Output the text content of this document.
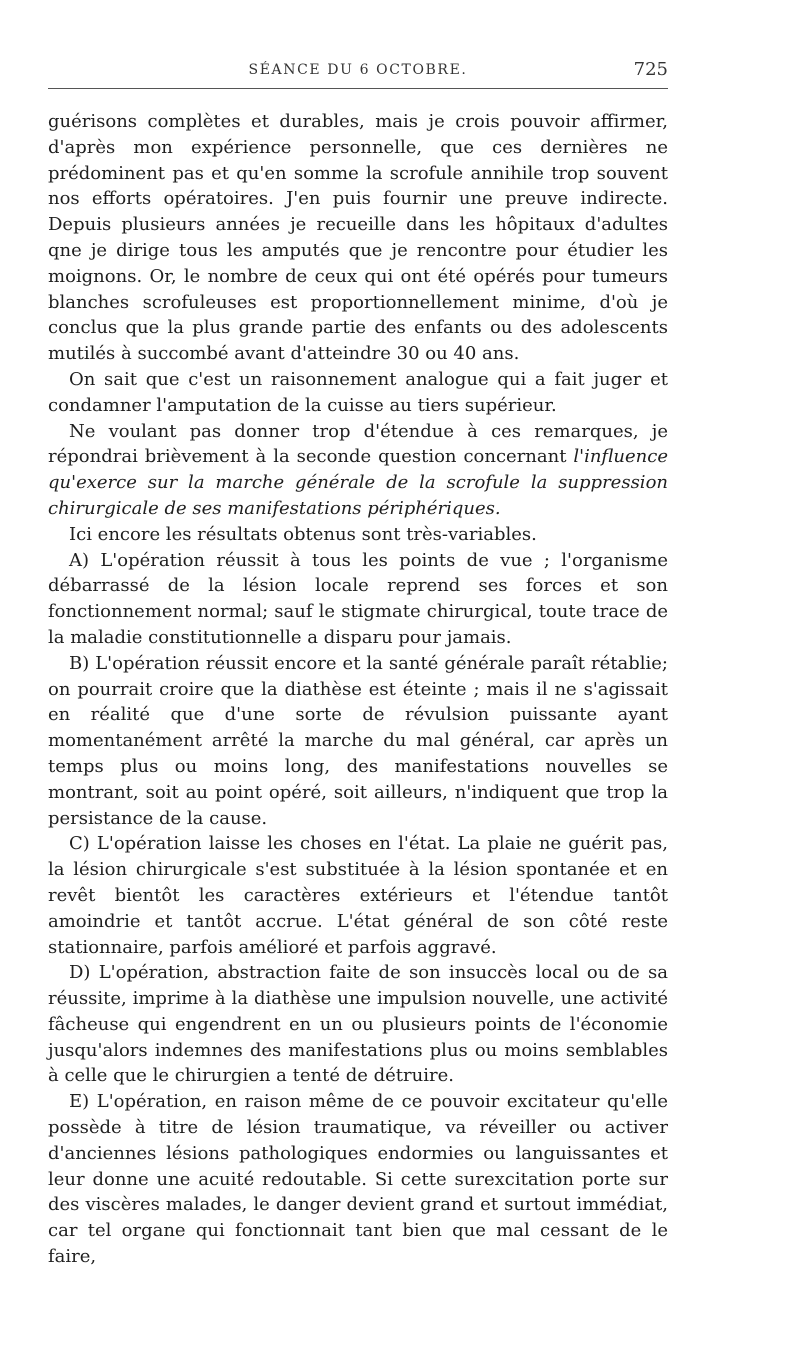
SÉANCE DU 6 OCTOBRE.	725

guérisons complètes et durables, mais je crois pouvoir affirmer, d'après mon expérience personnelle, que ces dernières ne prédominent pas et qu'en somme la scrofule annihile trop souvent nos efforts opératoires. J'en puis fournir une preuve indirecte. Depuis plusieurs années je recueille dans les hôpitaux d'adultes qne je dirige tous les amputés que je rencontre pour étudier les moignons. Or, le nombre de ceux qui ont été opérés pour tumeurs blanches scrofuleuses est proportionnellement minime, d'où je conclus que la plus grande partie des enfants ou des adolescents mutilés à succombé avant d'atteindre 30 ou 40 ans.

On sait que c'est un raisonnement analogue qui a fait juger et condamner l'amputation de la cuisse au tiers supérieur.

Ne voulant pas donner trop d'étendue à ces remarques, je répondrai brièvement à la seconde question concernant l'influence qu'exerce sur la marche générale de la scrofule la suppression chirurgicale de ses manifestations périphériques.

Ici encore les résultats obtenus sont très-variables.

A) L'opération réussit à tous les points de vue ; l'organisme débarrassé de la lésion locale reprend ses forces et son fonctionnement normal; sauf le stigmate chirurgical, toute trace de la maladie constitutionnelle a disparu pour jamais.

B) L'opération réussit encore et la santé générale paraît rétablie; on pourrait croire que la diathèse est éteinte ; mais il ne s'agissait en réalité que d'une sorte de révulsion puissante ayant momentanément arrêté la marche du mal général, car après un temps plus ou moins long, des manifestations nouvelles se montrant, soit au point opéré, soit ailleurs, n'indiquent que trop la persistance de la cause.

C) L'opération laisse les choses en l'état. La plaie ne guérit pas, la lésion chirurgicale s'est substituée à la lésion spontanée et en revêt bientôt les caractères extérieurs et l'étendue tantôt amoindrie et tantôt accrue. L'état général de son côté reste stationnaire, parfois amélioré et parfois aggravé.

D) L'opération, abstraction faite de son insuccès local ou de sa réussite, imprime à la diathèse une impulsion nouvelle, une activité fâcheuse qui engendrent en un ou plusieurs points de l'économie jusqu'alors indemnes des manifestations plus ou moins semblables à celle que le chirurgien a tenté de détruire.

E) L'opération, en raison même de ce pouvoir excitateur qu'elle possède à titre de lésion traumatique, va réveiller ou activer d'anciennes lésions pathologiques endormies ou languissantes et leur donne une acuité redoutable. Si cette surexcitation porte sur des viscères malades, le danger devient grand et surtout immédiat, car tel organe qui fonctionnait tant bien que mal cessant de le faire,
